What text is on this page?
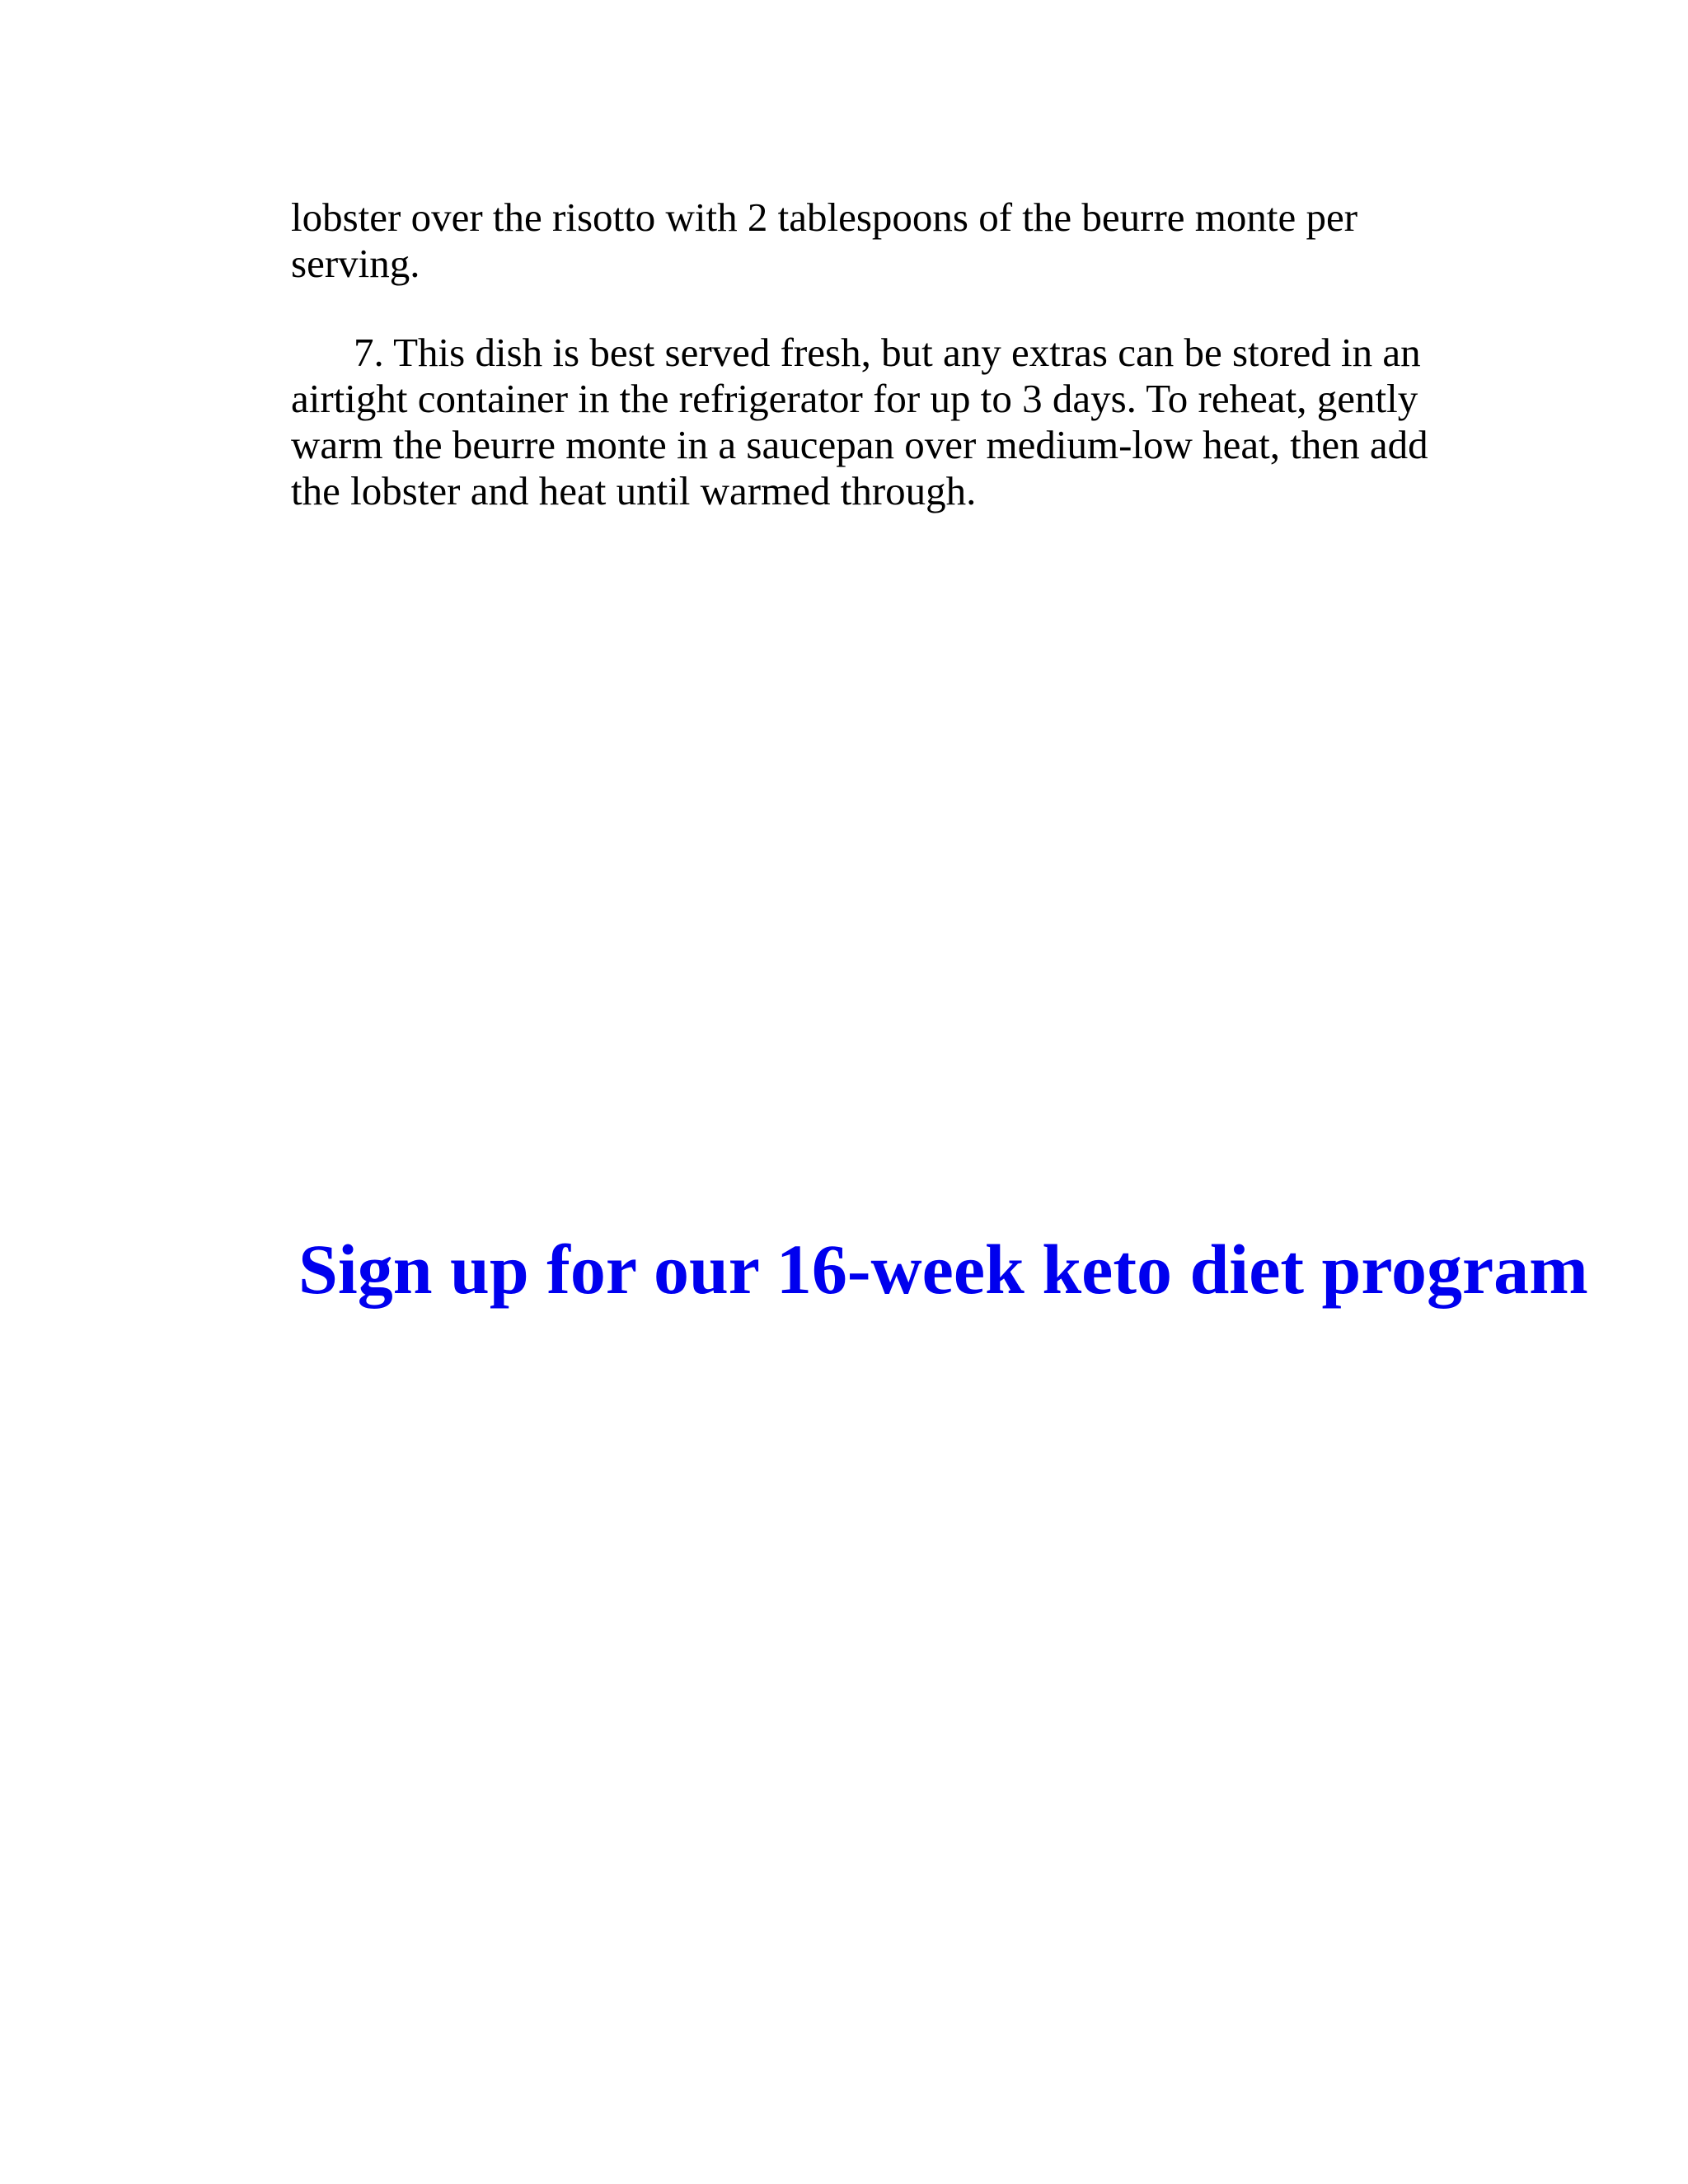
lobster over the risotto with 2 tablespoons of the beurre monte per serving.

7. This dish is best served fresh, but any extras can be stored in an airtight container in the refrigerator for up to 3 days. To reheat, gently warm the beurre monte in a saucepan over medium-low heat, then add the lobster and heat until warmed through.

Sign up for our 16-week keto diet program
